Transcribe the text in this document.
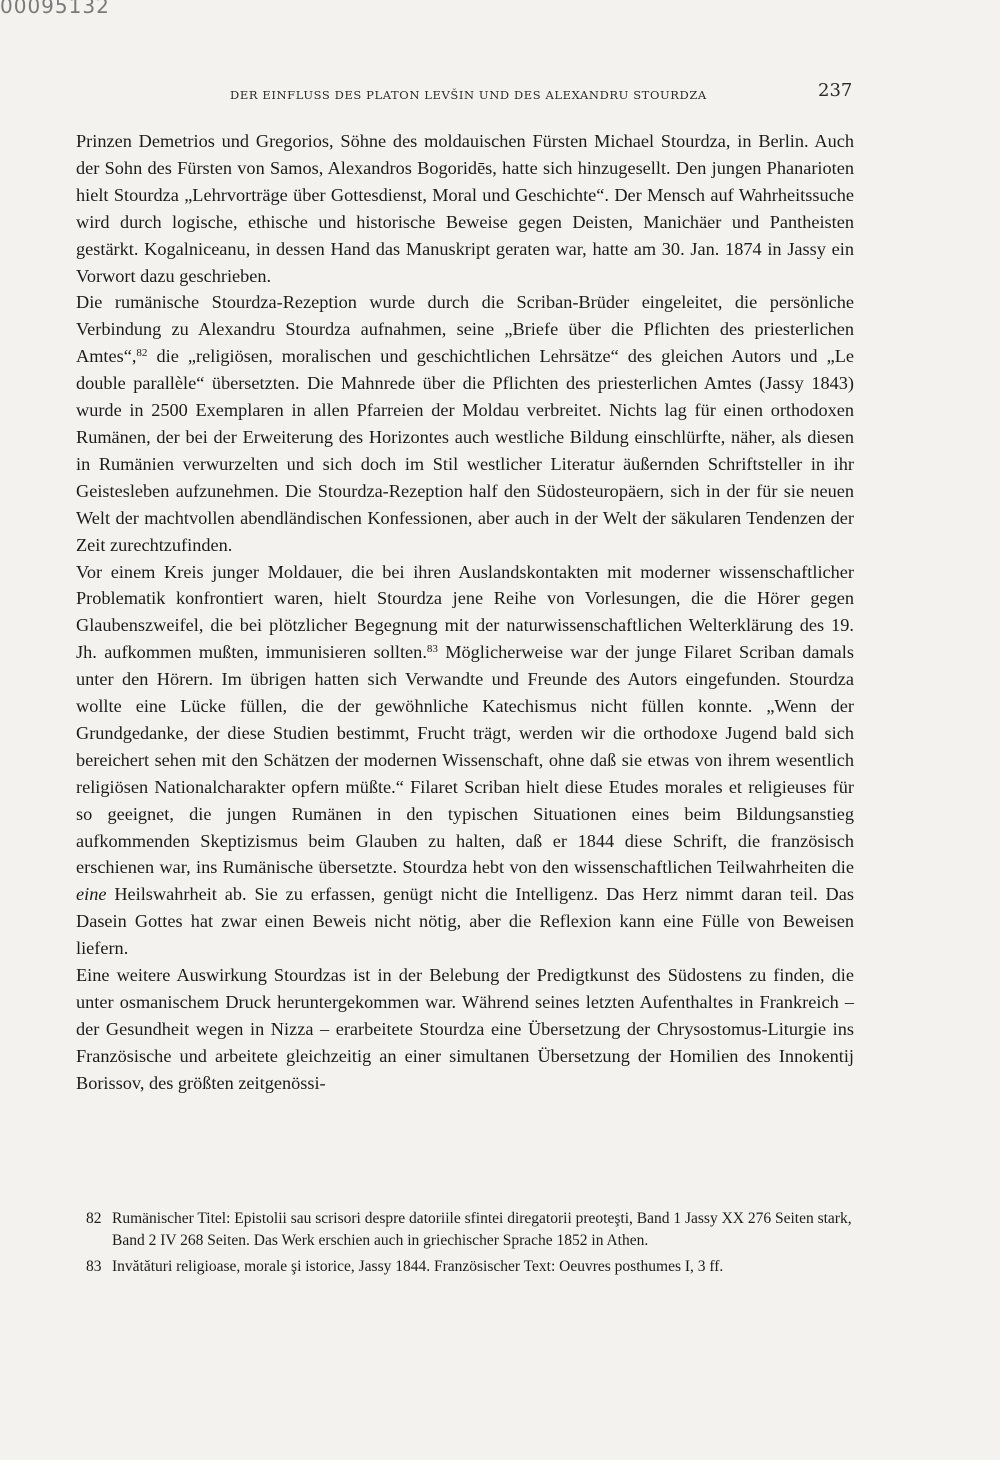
00095132
DER EINFLUSS DES PLATON LEVŠIN UND DES ALEXANDRU STOURDZA	237

Prinzen Demetrios und Gregorios, Söhne des moldauischen Fürsten Michael Stourdza, in Berlin. Auch der Sohn des Fürsten von Samos, Alexandros Bogoridēs, hatte sich hinzugesellt. Den jungen Phanarioten hielt Stourdza „Lehrvorträge über Gottesdienst, Moral und Geschichte“. Der Mensch auf Wahrheitssuche wird durch logische, ethische und historische Beweise gegen Deisten, Manichäer und Pantheisten gestärkt. Kogalniceanu, in dessen Hand das Manuskript geraten war, hatte am 30. Jan. 1874 in Jassy ein Vorwort dazu geschrieben.

Die rumänische Stourdza-Rezeption wurde durch die Scriban-Brüder eingeleitet, die persönliche Verbindung zu Alexandru Stourdza aufnahmen, seine „Briefe über die Pflichten des priesterlichen Amtes“,$^{82}$ die „religiösen, moralischen und geschichtlichen Lehrsätze“ des gleichen Autors und „Le double parallèle“ übersetzten. Die Mahnrede über die Pflichten des priesterlichen Amtes (Jassy 1843) wurde in 2500 Exemplaren in allen Pfarreien der Moldau verbreitet. Nichts lag für einen orthodoxen Rumänen, der bei der Erweiterung des Horizontes auch westliche Bildung einschlürfte, näher, als diesen in Rumänien verwurzelten und sich doch im Stil westlicher Literatur äußernden Schriftsteller in ihr Geistesleben aufzunehmen. Die Stourdza-Rezeption half den Südosteuropäern, sich in der für sie neuen Welt der machtvollen abendländischen Konfessionen, aber auch in der Welt der säkularen Tendenzen der Zeit zurechtzufinden.

Vor einem Kreis junger Moldauer, die bei ihren Auslandskontakten mit moderner wissenschaftlicher Problematik konfrontiert waren, hielt Stourdza jene Reihe von Vorlesungen, die die Hörer gegen Glaubenszweifel, die bei plötzlicher Begegnung mit der naturwissenschaftlichen Welterklärung des 19. Jh. aufkommen mußten, immunisieren sollten.$^{83}$ Möglicherweise war der junge Filaret Scriban damals unter den Hörern. Im übrigen hatten sich Verwandte und Freunde des Autors eingefunden. Stourdza wollte eine Lücke füllen, die der gewöhnliche Katechismus nicht füllen konnte. „Wenn der Grundgedanke, der diese Studien bestimmt, Frucht trägt, werden wir die orthodoxe Jugend bald sich bereichert sehen mit den Schätzen der modernen Wissenschaft, ohne daß sie etwas von ihrem wesentlich religiösen Nationalcharakter opfern müßte.“ Filaret Scriban hielt diese Etudes morales et religieuses für so geeignet, die jungen Rumänen in den typischen Situationen eines beim Bildungsanstieg aufkommenden Skeptizismus beim Glauben zu halten, daß er 1844 diese Schrift, die französisch erschienen war, ins Rumänische übersetzte. Stourdza hebt von den wissenschaftlichen Teilwahrheiten die eine Heilswahrheit ab. Sie zu erfassen, genügt nicht die Intelligenz. Das Herz nimmt daran teil. Das Dasein Gottes hat zwar einen Beweis nicht nötig, aber die Reflexion kann eine Fülle von Beweisen liefern.

Eine weitere Auswirkung Stourdzas ist in der Belebung der Predigtkunst des Südostens zu finden, die unter osmanischem Druck heruntergekommen war. Während seines letzten Aufenthaltes in Frankreich – der Gesundheit wegen in Nizza – erarbeitete Stourdza eine Übersetzung der Chrysostomus-Liturgie ins Französische und arbeitete gleichzeitig an einer simultanen Übersetzung der Homilien des Innokentij Borissov, des größten zeitgenössi-

82 Rumänischer Titel: Epistolii sau scrisori despre datoriile sfintei diregatorii preoteşti, Band 1 Jassy XX 276 Seiten stark, Band 2 IV 268 Seiten. Das Werk erschien auch in griechischer Sprache 1852 in Athen.
83 Invătături religioase, morale şi istorice, Jassy 1844. Französischer Text: Oeuvres posthumes I, 3 ff.
